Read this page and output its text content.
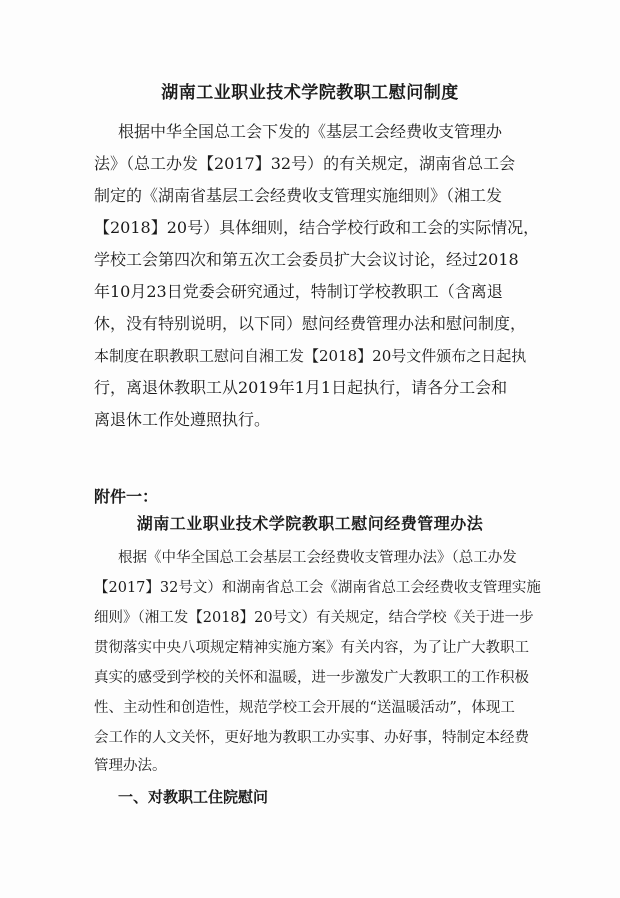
湖南工业职业技术学院教职工慰问制度
根据中华全国总工会下发的《基层工会经费收支管理办
法》（总工办发【2017】32号）的有关规定，湖南省总工会
制定的《湖南省基层工会经费收支管理实施细则》（湘工发
【2018】20号）具体细则，结合学校行政和工会的实际情况，
学校工会第四次和第五次工会委员扩大会议讨论，经过2018
年10月23日党委会研究通过，特制订学校教职工（含离退
休，没有特别说明，以下同）慰问经费管理办法和慰问制度，
本制度在职教职工慰问自湘工发【2018】20号文件颁布之日起执
行，离退休教职工从2019年1月1日起执行，请各分工会和
离退休工作处遵照执行。
附件一：
湖南工业职业技术学院教职工慰问经费管理办法
根据《中华全国总工会基层工会经费收支管理办法》（总工办发
【2017】32号文）和湖南省总工会《湖南省总工会经费收支管理实施
细则》（湘工发【2018】20号文）有关规定，结合学校《关于进一步
贯彻落实中央八项规定精神实施方案》有关内容，为了让广大教职工
真实的感受到学校的关怀和温暖，进一步激发广大教职工的工作积极
性、主动性和创造性，规范学校工会开展的“送温暖活动”，体现工
会工作的人文关怀，更好地为教职工办实事、办好事，特制定本经费
管理办法。
一、对教职工住院慰问
